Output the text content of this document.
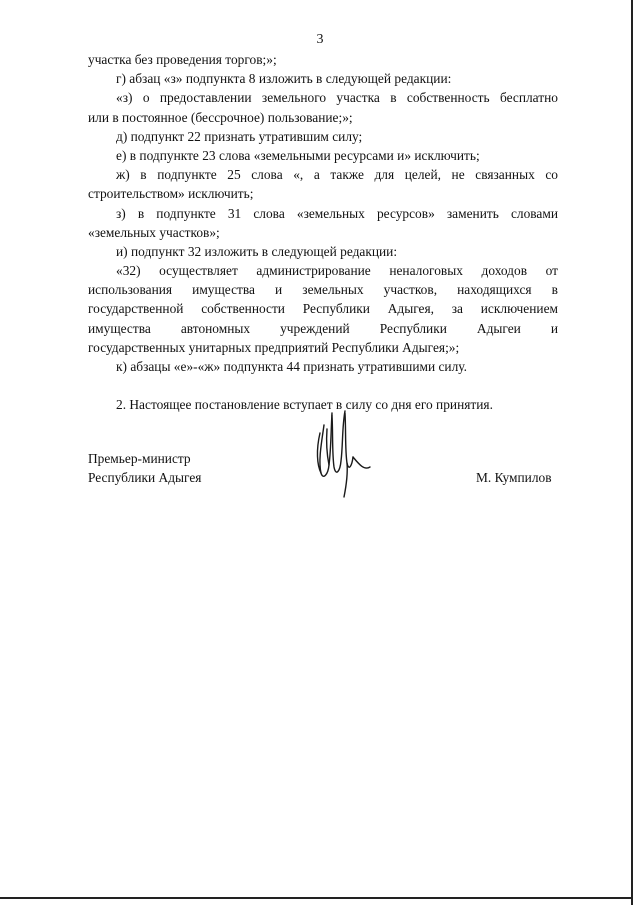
3
участка без проведения торгов;»;
г) абзац «з» подпункта 8 изложить в следующей редакции:
«з) о предоставлении земельного участка в собственность бесплатно
или в постоянное (бессрочное) пользование;»;
д) подпункт 22 признать утратившим силу;
е) в подпункте 23 слова «земельными ресурсами и» исключить;
ж) в подпункте 25 слова «, а также для целей, не связанных со
строительством» исключить;
з) в подпункте 31 слова «земельных ресурсов» заменить словами
«земельных участков»;
и) подпункт 32 изложить в следующей редакции:
«32) осуществляет администрирование неналоговых доходов от
использования имущества и земельных участков, находящихся в
государственной собственности Республики Адыгея, за исключением
имущества автономных учреждений Республики Адыгеи и
государственных унитарных предприятий Республики Адыгея;»;
к) абзацы «е»-«ж» подпункта 44 признать утратившими силу.
2. Настоящее постановление вступает в силу со дня его принятия.
Премьер-министр
Республики Адыгея	М. Кумпилов
